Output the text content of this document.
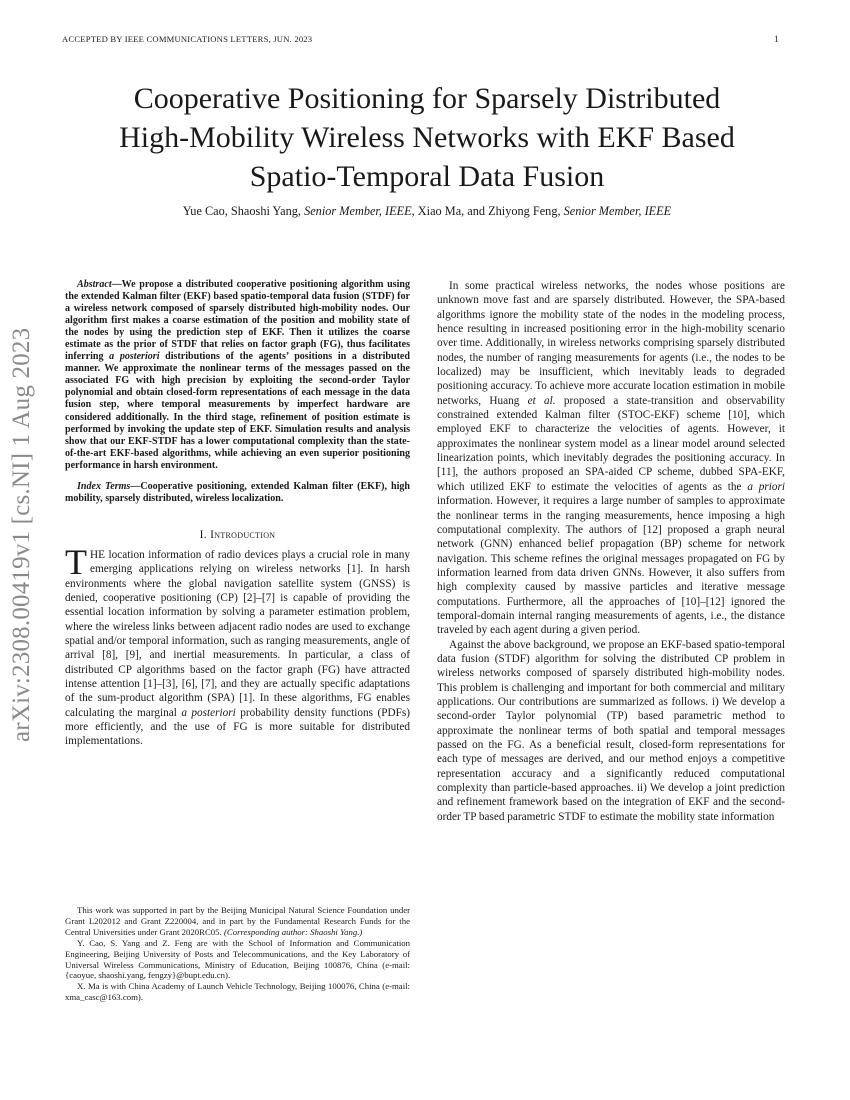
ACCEPTED BY IEEE COMMUNICATIONS LETTERS, JUN. 2023	1
arXiv:2308.00419v1 [cs.NI] 1 Aug 2023
Cooperative Positioning for Sparsely Distributed
High-Mobility Wireless Networks with EKF Based
Spatio-Temporal Data Fusion
Yue Cao, Shaoshi Yang, Senior Member, IEEE, Xiao Ma, and Zhiyong Feng, Senior Member, IEEE

Abstract—We propose a distributed cooperative positioning algorithm using the extended Kalman filter (EKF) based spatio-temporal data fusion (STDF) for a wireless network composed of sparsely distributed high-mobility nodes. Our algorithm first makes a coarse estimation of the position and mobility state of the nodes by using the prediction step of EKF. Then it utilizes the coarse estimate as the prior of STDF that relies on factor graph (FG), thus facilitates inferring a posteriori distributions of the agents’ positions in a distributed manner. We approximate the nonlinear terms of the messages passed on the associated FG with high precision by exploiting the second-order Taylor polynomial and obtain closed-form representations of each message in the data fusion step, where temporal measurements by imperfect hardware are considered additionally. In the third stage, refinement of position estimate is performed by invoking the update step of EKF. Simulation results and analysis show that our EKF-STDF has a lower computational complexity than the state-of-the-art EKF-based algorithms, while achieving an even superior positioning performance in harsh environment.

Index Terms—Cooperative positioning, extended Kalman filter (EKF), high mobility, sparsely distributed, wireless localization.

I. Introduction

THE location information of radio devices plays a crucial role in many emerging applications relying on wireless networks [1]. In harsh environments where the global navigation satellite system (GNSS) is denied, cooperative positioning (CP) [2]–[7] is capable of providing the essential location information by solving a parameter estimation problem, where the wireless links between adjacent radio nodes are used to exchange spatial and/or temporal information, such as ranging measurements, angle of arrival [8], [9], and inertial measurements. In particular, a class of distributed CP algorithms based on the factor graph (FG) have attracted intense attention [1]–[3], [6], [7], and they are actually specific adaptations of the sum-product algorithm (SPA) [1]. In these algorithms, FG enables calculating the marginal a posteriori probability density functions (PDFs) more efficiently, and the use of FG is more suitable for distributed implementations.

This work was supported in part by the Beijing Municipal Natural Science Foundation under Grant L202012 and Grant Z220004, and in part by the Fundamental Research Funds for the Central Universities under Grant 2020RC05. (Corresponding author: Shaoshi Yang.)

Y. Cao, S. Yang and Z. Feng are with the School of Information and Communication Engineering, Beijing University of Posts and Telecommunications, and the Key Laboratory of Universal Wireless Communications, Ministry of Education, Beijing 100876, China (e-mail: {caoyue, shaoshi.yang, fengzy}@bupt.edu.cn).

X. Ma is with China Academy of Launch Vehicle Technology, Beijing 100076, China (e-mail: xma_casc@163.com).

In some practical wireless networks, the nodes whose positions are unknown move fast and are sparsely distributed. However, the SPA-based algorithms ignore the mobility state of the nodes in the modeling process, hence resulting in increased positioning error in the high-mobility scenario over time. Additionally, in wireless networks comprising sparsely distributed nodes, the number of ranging measurements for agents (i.e., the nodes to be localized) may be insufficient, which inevitably leads to degraded positioning accuracy. To achieve more accurate location estimation in mobile networks, Huang et al. proposed a state-transition and observability constrained extended Kalman filter (STOC-EKF) scheme [10], which employed EKF to characterize the velocities of agents. However, it approximates the nonlinear system model as a linear model around selected linearization points, which inevitably degrades the positioning accuracy. In [11], the authors proposed an SPA-aided CP scheme, dubbed SPA-EKF, which utilized EKF to estimate the velocities of agents as the a priori information. However, it requires a large number of samples to approximate the nonlinear terms in the ranging measurements, hence imposing a high computational complexity. The authors of [12] proposed a graph neural network (GNN) enhanced belief propagation (BP) scheme for network navigation. This scheme refines the original messages propagated on FG by information learned from data driven GNNs. However, it also suffers from high complexity caused by massive particles and iterative message computations. Furthermore, all the approaches of [10]–[12] ignored the temporal-domain internal ranging measurements of agents, i.e., the distance traveled by each agent during a given period.

Against the above background, we propose an EKF-based spatio-temporal data fusion (STDF) algorithm for solving the distributed CP problem in wireless networks composed of sparsely distributed high-mobility nodes. This problem is challenging and important for both commercial and military applications. Our contributions are summarized as follows. i) We develop a second-order Taylor polynomial (TP) based parametric method to approximate the nonlinear terms of both spatial and temporal messages passed on the FG. As a beneficial result, closed-form representations for each type of messages are derived, and our method enjoys a competitive representation accuracy and a significantly reduced computational complexity than particle-based approaches. ii) We develop a joint prediction and refinement framework based on the integration of EKF and the second-order TP based parametric STDF to estimate the mobility state information
